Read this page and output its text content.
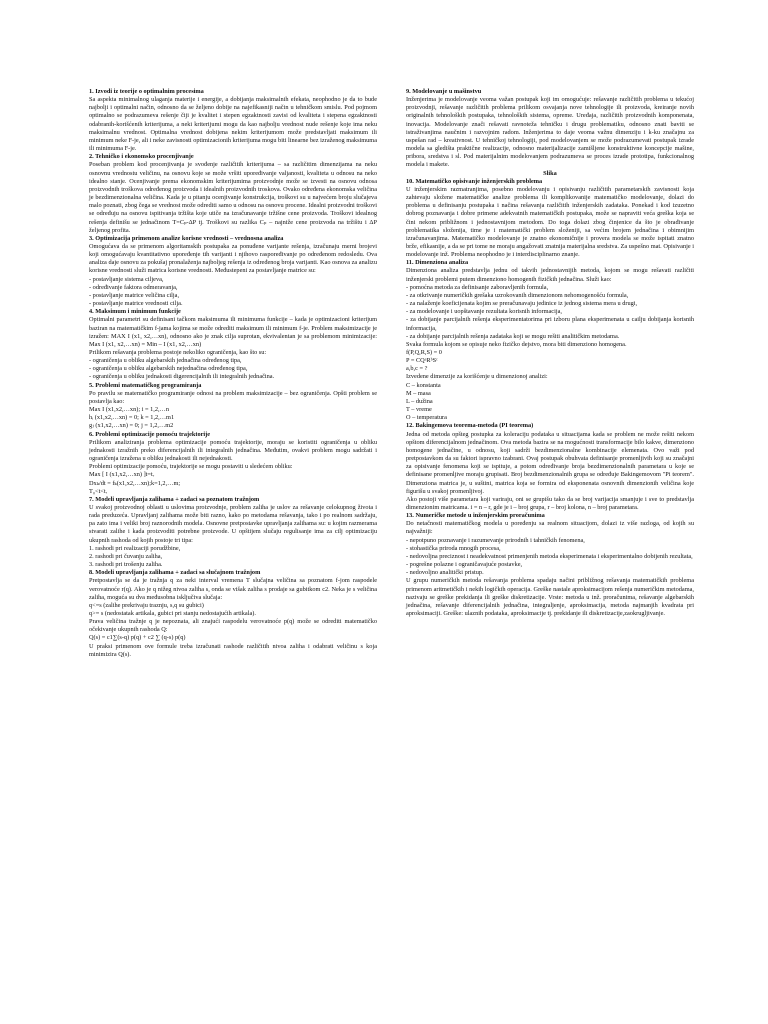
1. Izvodi iz teorije o optimalnim procesima

Sa aspekta minimalnog ulaganja materije i energije, a dobijanja maksimalnih efekata, neophodno je da to bude najbolji i optimalni način, odnosno da se željeno dobije na najefikasniji način u tehničkom smislu. Pod pojmom optimalno se podrazumeva rešenje čiji je kvalitet i stepen egzaktnosti zavisi od kvaliteta i stepena egzaktnosti odabranih-korišćenih kriterijuma, a neki kriterijumi mogu da kao najbolju vrednost nude rešenje koje ima neku maksimalnu vrednost. Optimalna vrednost dobijena nekim kriterijumom može predstavljati maksimum ili minimum neke F-je, ali i neke zavisnosti optimizacionih kriterijuma mogu biti linearne bez izraženog maksimuma ili minimuma F-je.

2. Tehničko i ekonomsko procenjivanje

Poseban problem kod procenjivanja je svođenje različitih kriterijuma – sa različitim dimenzijama na neku osnovnu vrednostu veličinu, na osnovu koje se može vršiti upoređivanje valjanosti, kvaliteta u odnosu na neko idealno stanje. Ocenjivanje prema ekonomskim kriterijumima proizvodnje može se izvesti na osnovu odnosa proizvodnih troškova određenog proizvoda i idealnih proizvodnih troskova. Ovako određena ekonomska veličina je bezdimenzionalna veličina. Kada je u pitanju ocenjivanje konstrukcija, troškovi su u najvećem broju slučajeva malo poznati, zbog čega se vrednost može odrediti samo u odnosu na osnovu procene. Idealni proizvodni troškovi se određuju na osnovu ispitivanja tržišta koje utiče na izračunavanje tržišne cene proizvoda. Troškovi idealnog rešenja definišu se jednačinom T=Cₚ-ΔP tj. Troškovi su razlika Cₚ – najniže cene proizvoda na tržištu i ΔP željenog profita.

3. Optimizacija primenom analize korisne vrednosti – vrednosna analiza

Omogućava da se primenom algoritamskih postupaka za ponuđene varijante rešenja, izračunaju merni brojevi koji omogućavaju kvantitativno upoređenje tih varijanti i njihovo raspoređivanje po određenom redosledu. Ova analiza daje osnovu za pokušaj pronalaženja najboljeg rešenja iz određenog broja varijanti. Kao osnova za analizu korisne vrednosti služi matrica korisne vrednosti. Međustepeni za postavljanje matrice su:

- postavljanje sistema ciljeva,

- određivanje faktora odmeravanja,

- postavljanje matrice veličina cilja,

- postavljanje matrice vrednosti cilja.

4. Maksimum i minimum funkcije

Optimalni parametri su definisani tačkom maksimuma ili minimuma funkcije – kada je optimizacioni kriterijum baziran na matematičkim f-jama kojima se može odrediti maksimum ili minimum f-je. Problem maksimizacije je izražen: MAX I (x1, x2,…xn), odnosno ako je znak cilja suprotan, ekvivalentan je sa problemom minimizacije: Max I (x1, x2,…xn) = Min – I (x1, x2,…xn)

Prilikom rešavanja problema postoje nekoliko ograničenja, kao što su:

- ograničenja u obliku algebarskih jednačina određenog tipa,

- ograničenja u obliku algebarskih nejednačina određenog tipa,

- ograničenja u obliku jednakosti digerencijalnih ili integralnih jednačina.

5. Problemi matematičkog programiranja

Po pravilu se matematičko programiranje odnosi na problem maksimizacije – bez ograničenja. Opšti problem se postavlja kao:

Max I (x1,x2,…xn); i = 1,2,…n

hᵢ (x1,x2,…xn) = 0; k = 1,2,…m1

gⱼ (x1,x2,…xn) = 0; j = 1,2,…m2

6. Problemi optimizacije pomoću trajektorije

Prilikom analiziranja problema optimizacije pomoću trajektorije, moraju se koristiti ograničenja u obliku jednakosti izražnih preko diferencijalnih ili integralnih jednačina. Međutim, ovakvi problem mogu sadržati i ograničenja izražena u obliku jednakosti ili nejednakosti.

Problemi optimizacije pomoću, trajektorije se mogu postaviti u sledećem obliku:

Max [ I (x1,x2,…xn) ]t=tᵣ

Dxₖ/dt = fₖ(x1,x2,…xn);k=1,2,…m;

T₀<t<tᵣ

7. Modeli upravljanja zalihama + zadaci sa poznatom tražnjom

U svakoj proizvodnoj oblasti u uslovima proizvodnje, problem zaliha je uslov za rešavanje celokupnog života i rada preduzeća. Upravljanj zalihama može biti razno, kako po metodama rešavanja, tako i po realnom sadržaju, pa zato ima i veliki broj raznorodnih modela. Osnovne pretpostavke upravljanja zalihama su: u kojim razmerama stvarati zalihe i kada proizvoditi potrebne proizvode. U opštijem slučaju regulisanje ima za cilj optimizaciju ukupnih rashoda od kojih postoje tri tipa:

1. rashodi pri realizaciji porudžbine,

2. rashodi pri čuvanju zaliha,

3. rashodi pri trošenju zaliha.

8. Modeli upravljanja zalihama + zadaci sa slučajnom tražnjom

Pretpostavlja se da je tražnja q za neki interval vremena T slučajna veličina sa poznatom f-jom raspodele verovatnoće r(q). Ako je q nižeg nivoa zaliha s, onda se višak zaliha s prodaje sa gubitkom c2. Neka je s veličina zaliha, moguća su dva međusobna isključiva slučaja:

q<=s (zalihe prekrivaju traznju, s,q su gubici)

q>= s (nedostatak artikala, gubici pri stanju nedostajućih artikala).

Prava veličina tražnje q je nepoznata, ali znajući raspodelu verovatnoće p(q) može se odrediti matematičko očekivanje ukupnih rashoda Q:

Q(s) = c1∑(s-q) p(q) + c2 ∑ (q-s) p(q)

U praksi primenom ove formule treba izračunati rashode različitih nivoa zaliha i odabrati veličinu s koja minimizira Q(s).

9. Modelovanje u mašinstvu

Inženjerima je modelovanje veoma važan postupak koji im omogućuje: rešavanje različitih problema u tekućoj proizvodnji, rešavanje različitih problema prilikom osvajanja nove tehnologije ili proizvoda, kreiranje novih originalnih tehnoloških postupaka, tehnoloških sistema, opreme. Uređaja, različitih proizvodnih komponenata, inovacija. Modelovanje znači rešavati ravnoteža tehničku i drugu problematiku, odnosno znati baviti se istraživanjima naučnim i razvojnim radom. Inženjerima to daje veoma važnu dimenziju i k-ku značajnu za uspešan rad – kreativnost. U tehničkoj tehnologiji, pod modelovanjem se može podrazumevati postupak izrade modela sa gledišta praktične realizacije, odnosno materijalizacije zamišljene konstruktivne koncepcije mašine, pribora, sredstva i sl. Pod materijalnim modelovanjem podrazumeva se proces izrade prototipa, funkcionalnog modela i makete.

Slika

10. Matematičko opisivanje inženjerskih problema

U inženjerskim razmatranjima, posebno modelovanju i opisivanju različitih parametarskih zavisnosti koja zahtevaju složene matematičke analize problema ili komplikovanije matematičko modelovanje, dolazi do problema u definisanju postupaka i načina rešavanja različitih inženjerskih zadataka. Ponekad i kod izuzetno dobrog poznavanja i dobre primene adekvatnih matematičkih postupaka, može se napraviti veća greška koja se čini nekom približnom i jednostavnijom metodom. Do toga dolazi zbog činjenice da što je obrađivanje problematika složenija, time je i matematički problem složeniji, sa većim brojem jednačina i obimnijim izračunavanjima. Matematičko modelovanje je znatno ekonomičnije i provera modela se može ispitati znatno brže, efikasnije, a da se pri tome ne moraju angažovati znatnija materijalna sredstva. Za uspešno mat. Opisivanje i modelovanje inž. Problema neophodno je i interdisciplinarno znanje.

11. Dimenziona analiza

Dimenziona analiza predstavlja jednu od takvih jednostavnijih metoda, kojom se mogu rešavati različiti inženjerski problemi putem dimenziono homogenih fizičkih jednačina. Služi kao:

- pomoćna metoda za definisanje zaboravljenih formula,

- za otkrivanje numeričkih grešaka uzrokovanih dimenzionom nehomogenošću formula,

- za nalaženje koeficijenata kojim se preračunavaju jedinice iz jednog sistema mera u drugi,

- za modelovanje i uopštavanje rezultata korisnih informacija,

- za dobijanje parcijalnih rešenja eksperimentatorima pri izboru plana eksperimenata u cailju dobijanja korisnih informacija,

- za dobijanje parcijalnih rešenja zadataka koji se mogu rešiti analitičkim metodama.

Svaka formula kojom se opisuje neko fizičko dejstvo, mora biti dimenziono homogena.

f(P,Q,R,S) = 0

P = CQᵃRᵇSᶜ

a,b,c = ?

Izvedene dimenzije za korišćenje u dimenzionoj analizi:

C – konstanta

M – masa

L – dužina

T – vreme

O – temperatura

12. Bakingemova teorema-metoda (PI teorema)

Jedna od metoda opšteg postupka za koleraciju podataka u situacijama kada se problem ne može rešiti nekom opštom diferencijalnom jednačinom. Ova metoda bazira se na mogućnosti transformacije bilo kakve, dimenziono homogene jednačine, u odnosu, koji sadrži bezdimenzionalne kombinacije elemenata. Ovo važi pod pretpostavkom da su faktori ispravno izabrani. Ovaj postupak obuhvata definisanje promenljivih koji su značajni za opisivanje fenomena koji se ispituje, a potom određivanje broja bezdimenzionalnih parametara u koje se definisane promenljive moraju grupisati. Broj bezdimenzionalnih grupa se određuje Bakingemovom "Pi teorem". Dimenziona matrica je, u suštini, matrica koja se formira od eksponenata osnovnih dimenzionih veličina koje figurišu u svakoj promenljivoj.

Ako postoji više parametara koji variraju, oni se grupišu tako da se broj varijacija smanjuje i sve to predstavlja dimenzionim matricama. i = n – r, gde je i – broj grupa, r – broj kolona, n – broj parametara.

13. Numeričke metode u inženjerskim proračunima

Do netačnosti matematičkog modela u poređenju sa realnom situacijom, dolazi iz više razloga, od kojih su najvažniji:

- nepotpuno poznavanje i razumevanje prirodnih i tahničkih fenomena,

- stohastička priroda mnogih procesa,

- nedovoljna preciznost i neadekvatnost primenjenih metoda eksperimenata i eksperimentalno dobijenih rezultata,

- pogrešne polazne i ograničavajuće postavke,

- nedovoljno analitički pristup.

U grupu numeričkih metoda rešavanja problema spadaju načini približnog rešavanja matematičkih problema primenom aritmetičkih i nekih logičkih operacija. Greške nastale aproksimacijom rešenja numeričkim metodama, nazivaju se greške prekidanja ili greške diskretizacije. Vrste: metoda u inž. proračunima, rešavanje algebarskih jednačina, rešavanje diferencijalnih jednačina, integraljenje, aproksimacija, metoda najmanjih kvadrata pri aproksimaciji. Greške: ulaznih podataka, aproksimacije tj. prekidanje ili diskretizacije,zaokrugljivanje.
